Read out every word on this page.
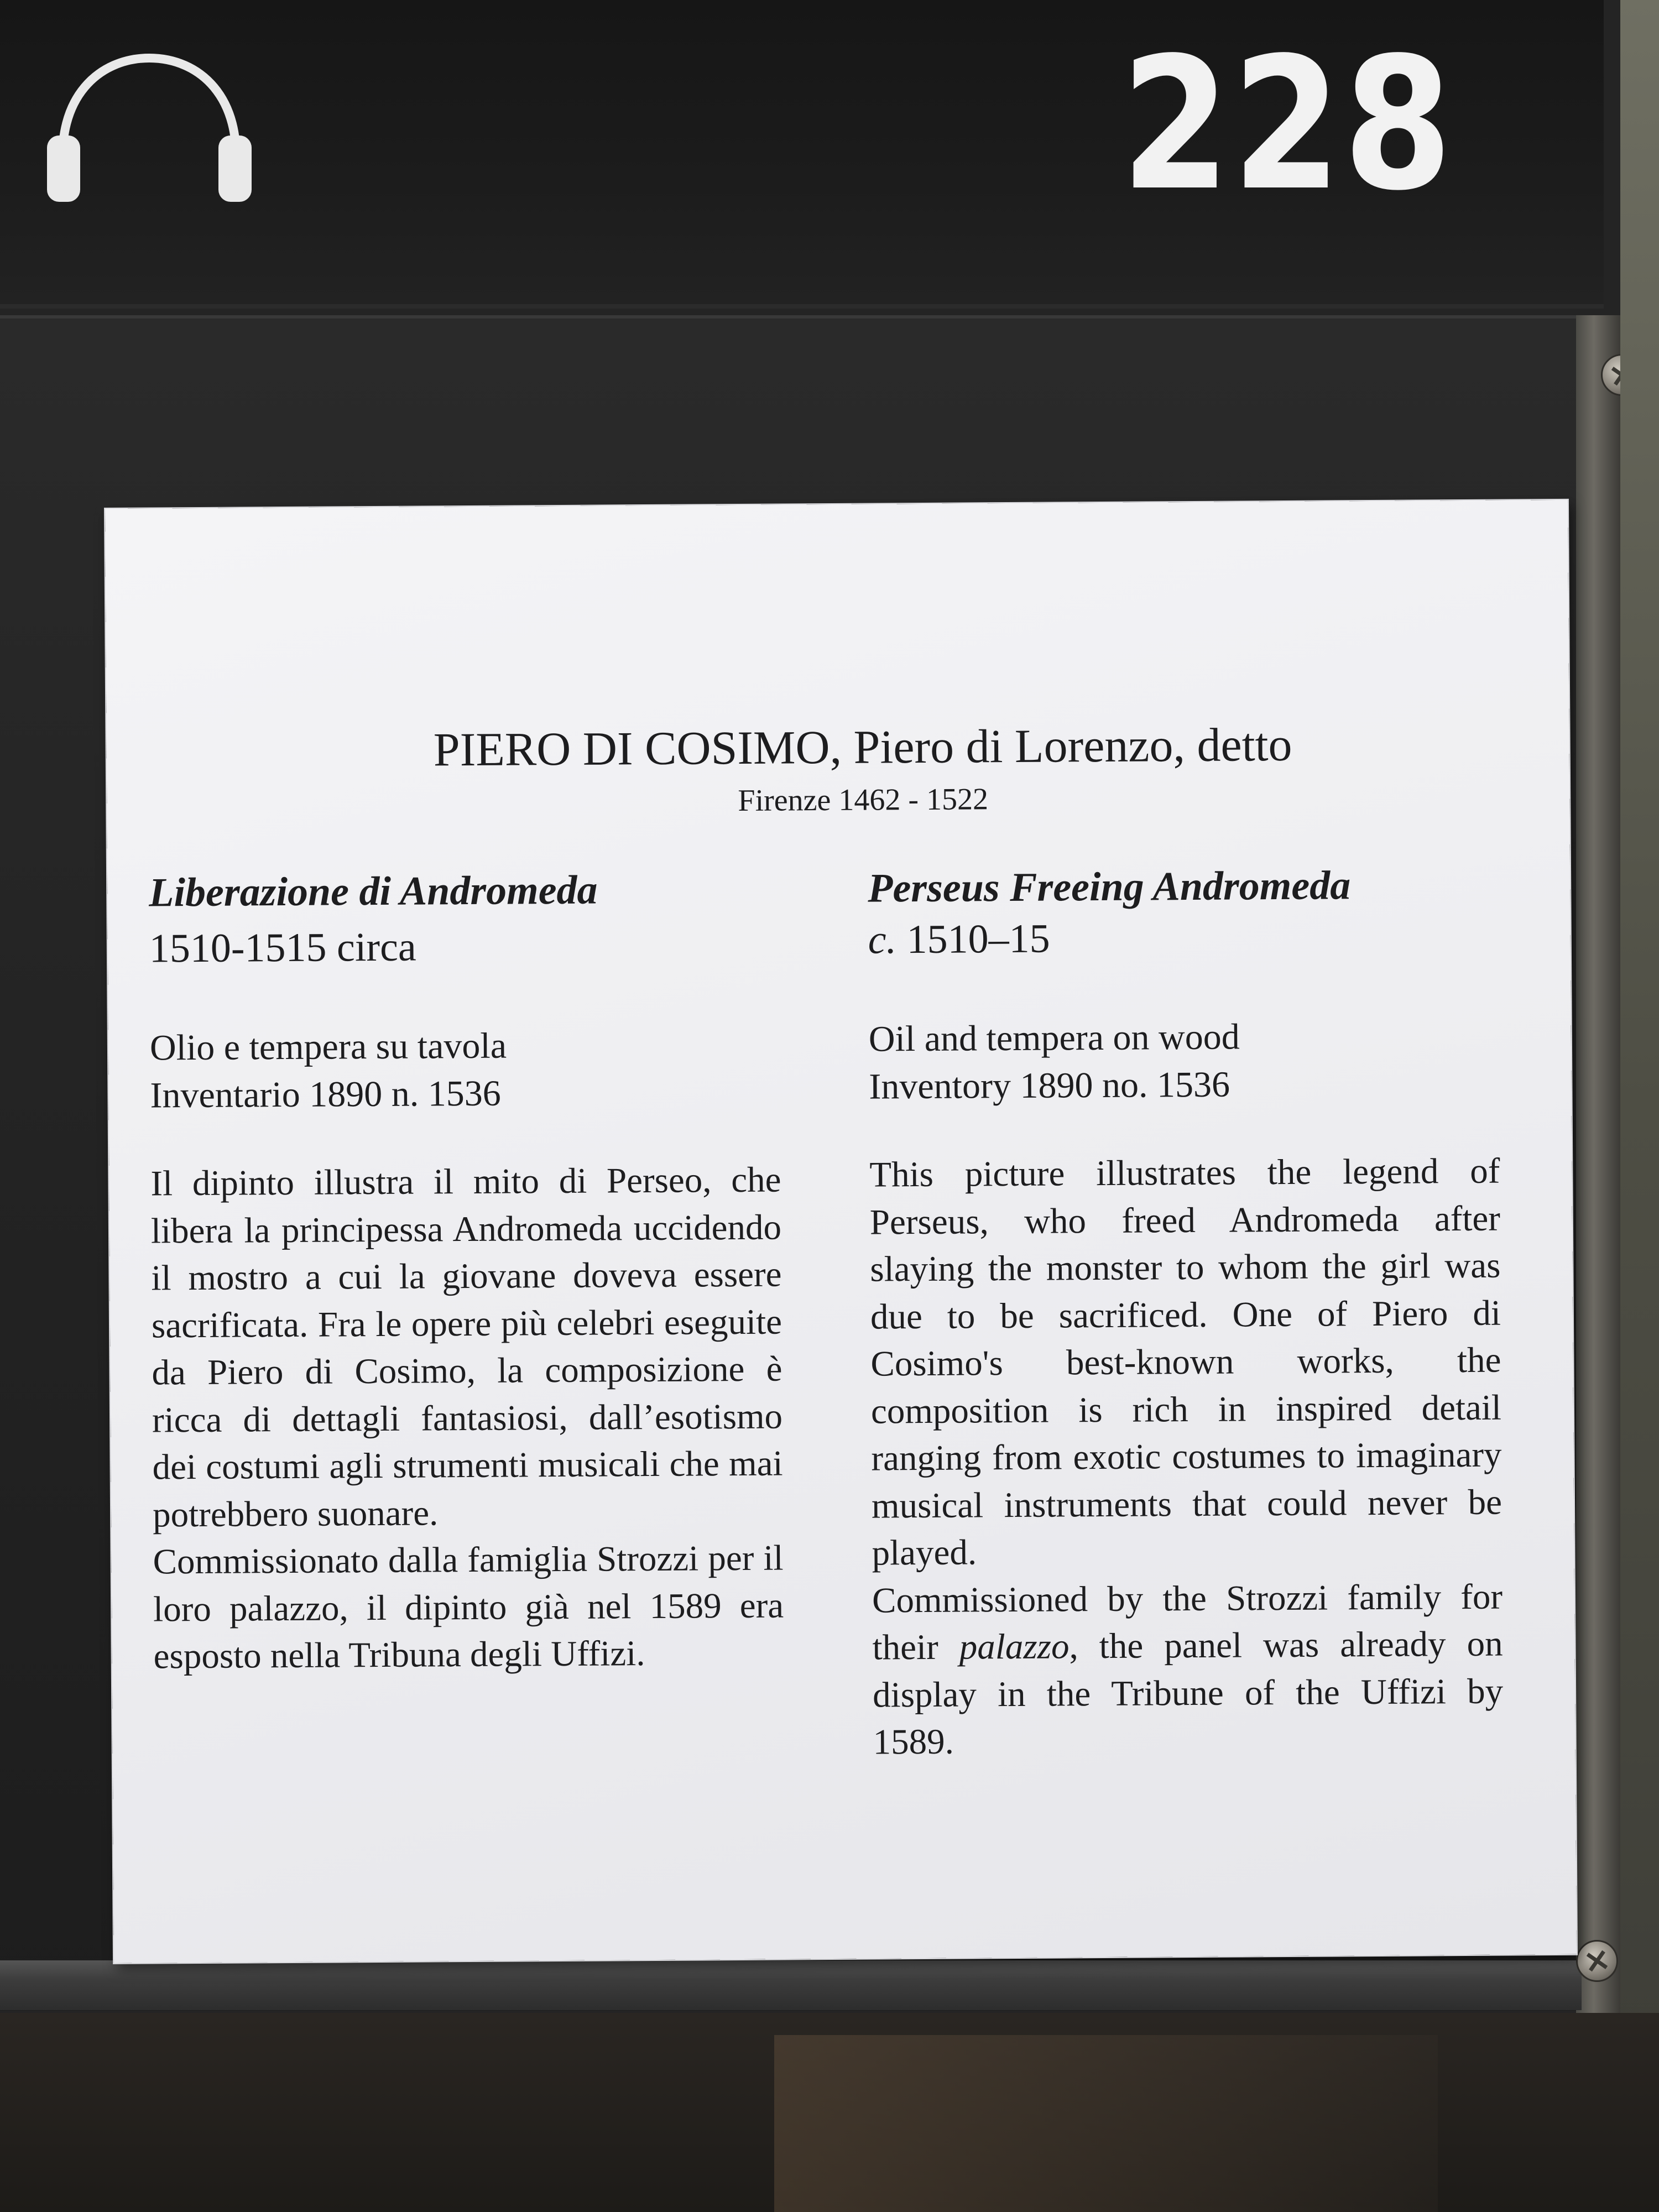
228
PIERO DI COSIMO, Piero di Lorenzo, detto
Firenze 1462 - 1522

Liberazione di Andromeda

1510-1515 circa

Olio e tempera su tavola

Inventario 1890 n. 1536

Il dipinto illustra il mito di Perseo, che libera la principessa Andromeda uccidendo il mostro a cui la giovane doveva essere sacrificata. Fra le opere più celebri eseguite da Piero di Cosimo, la composizione è ricca di dettagli fantasiosi, dall’esotismo dei costumi agli strumenti musicali che mai potrebbero suonare.

Commissionato dalla famiglia Strozzi per il loro palazzo, il dipinto già nel 1589 era esposto nella Tribuna degli Uffizi.

Perseus Freeing Andromeda

c. 1510–15

Oil and tempera on wood

Inventory 1890 no. 1536

This picture illustrates the legend of Perseus, who freed Andromeda after slaying the monster to whom the girl was due to be sacrificed. One of Piero di Cosimo's best-known works, the composition is rich in inspired detail ranging from exotic costumes to imaginary musical instruments that could never be played.

Commissioned by the Strozzi family for their palazzo, the panel was already on display in the Tribune of the Uffizi by 1589.
